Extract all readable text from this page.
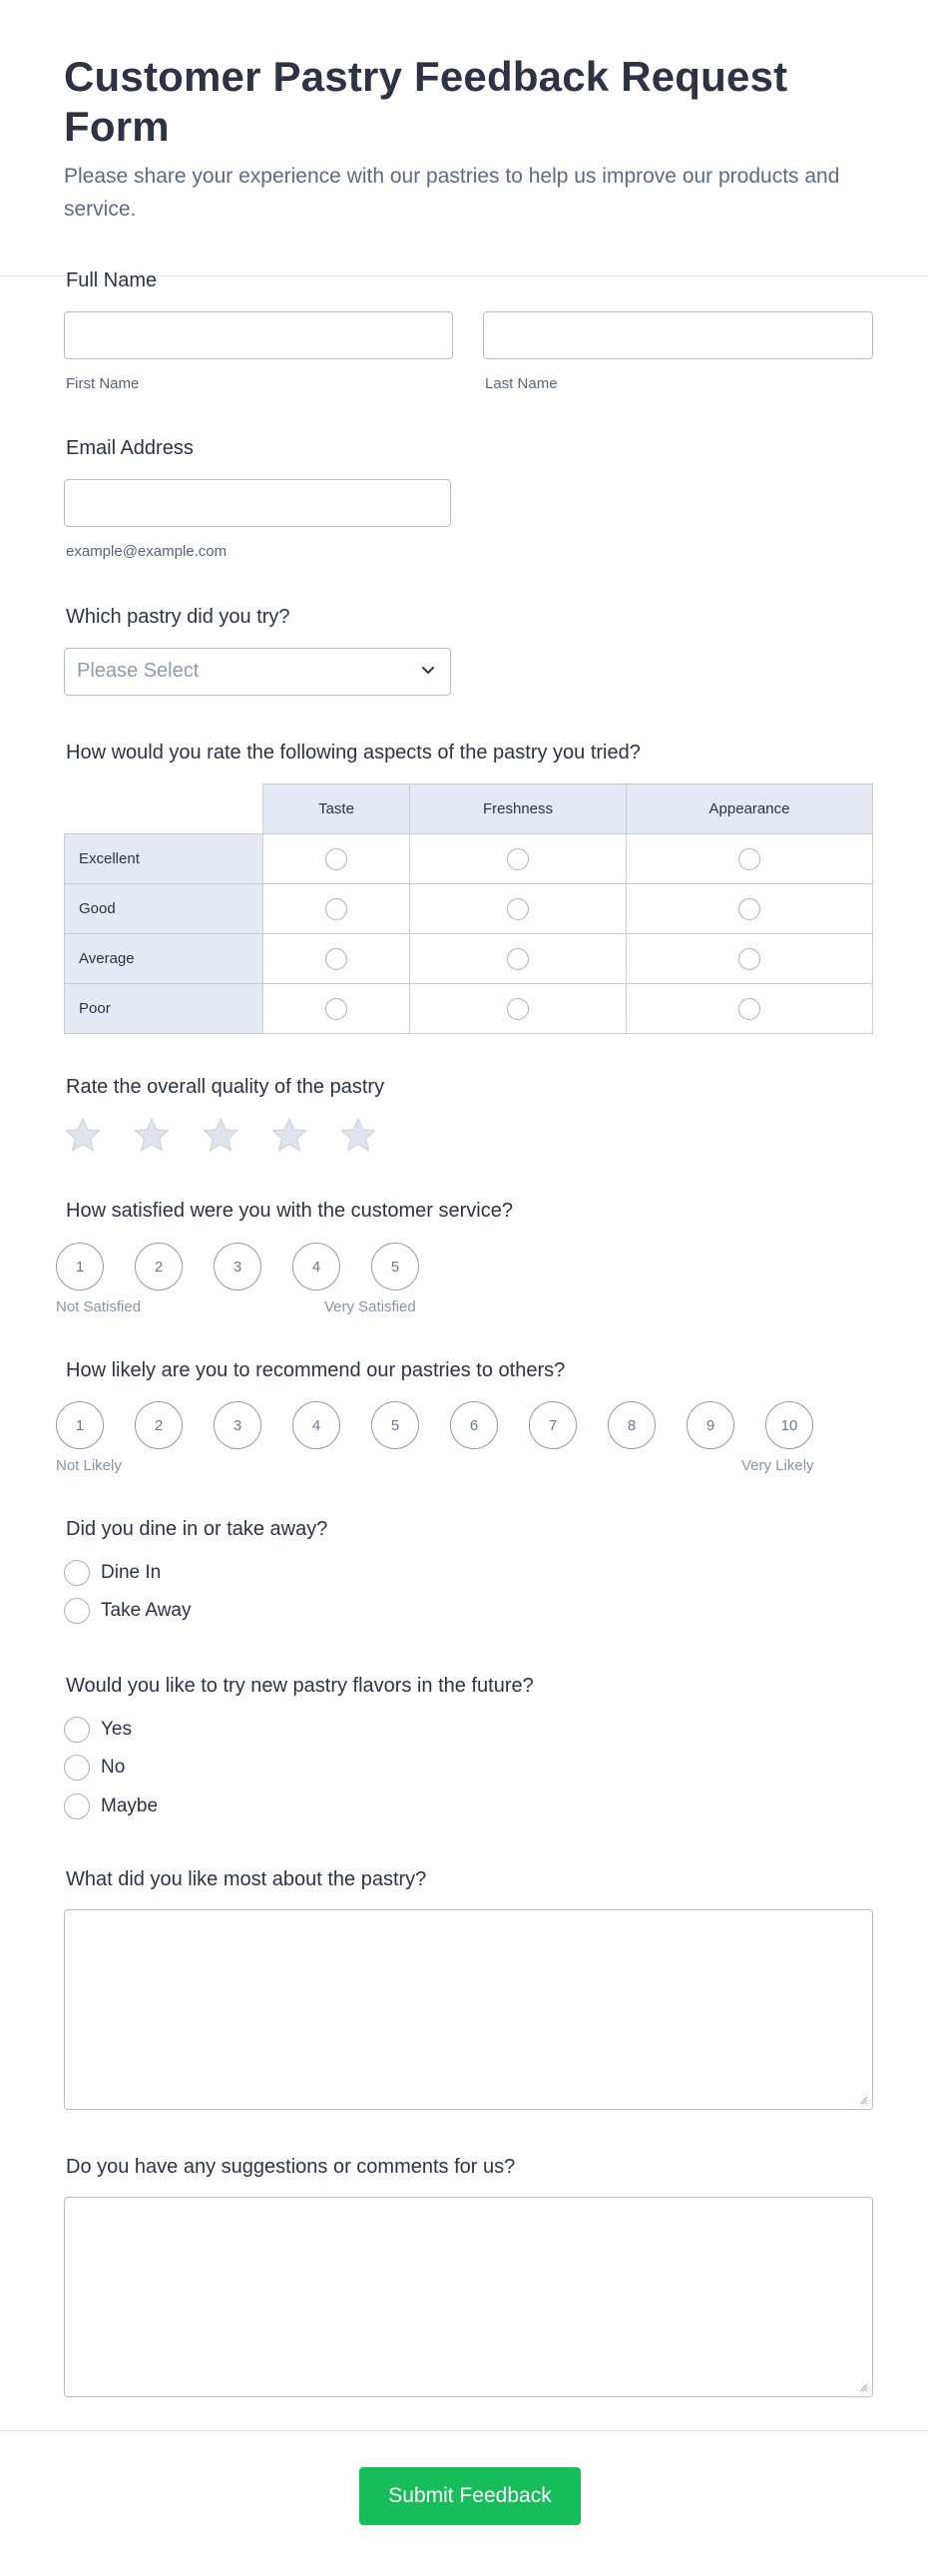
Customer Pastry Feedback Request Form

Please share your experience with our pastries to help us improve our products and service.

Full Name
First Name	Last Name
Email Address
example@example.com
Which pastry did you try?
Please Select
How would you rate the following aspects of the pastry you tried?
	Taste	Freshness	Appearance
Excellent			
Good			
Average			
Poor			
Rate the overall quality of the pastry
How satisfied were you with the customer service?
1	2	3	4	5
Not Satisfied	Very Satisfied
How likely are you to recommend our pastries to others?
1	2	3	4	5	6	7	8	9	10
Not Likely	Very Likely
Did you dine in or take away?
Dine In
Take Away
Would you like to try new pastry flavors in the future?
Yes
No
Maybe
What did you like most about the pastry?
Do you have any suggestions or comments for us?
Submit Feedback
